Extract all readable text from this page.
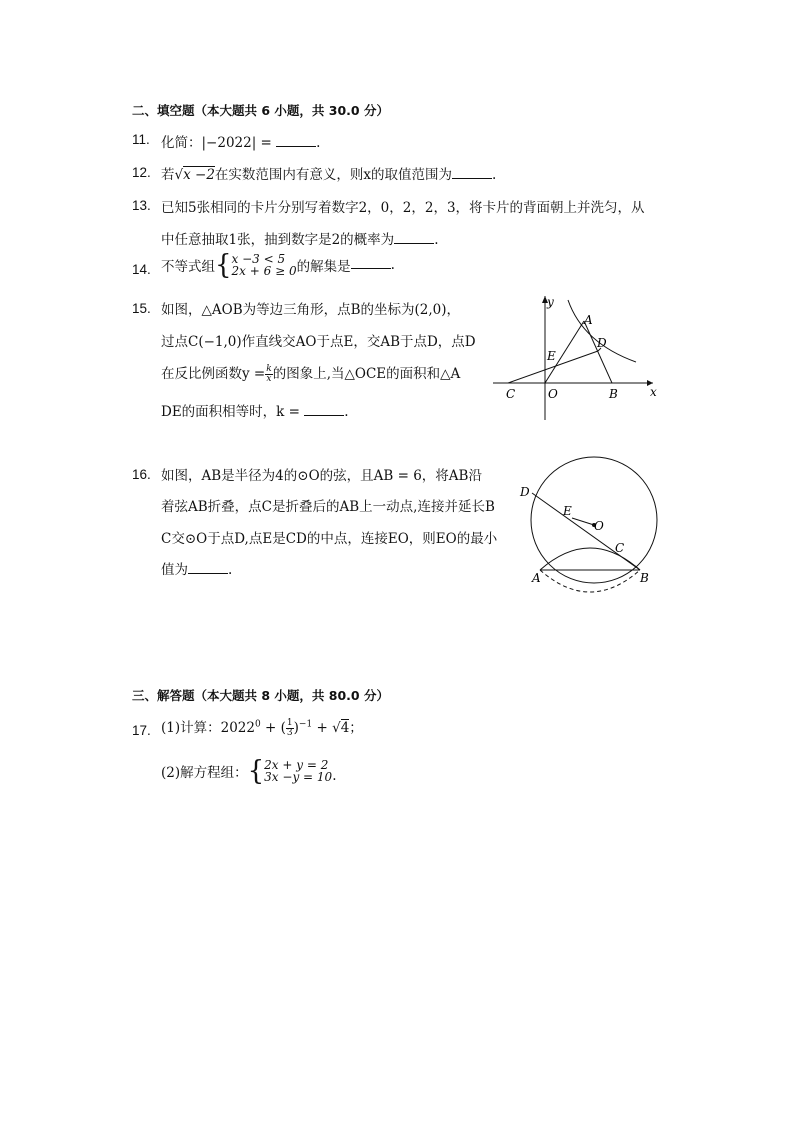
二、填空题（本大题共 6 小题，共 30.0 分）
11. 化简：|−2022| =	.
12. 若√x −2在实数范围内有意义，则x的取值范围为	.
13. 已知5张相同的卡片分别写着数字2，0，2，2，3，将卡片的背面朝上并洗匀，从
中任意抽取1张，抽到数字是2的概率为	.
14. 不等式组{ x −3 < 5
2x + 6 ≥ 0 的解集是	.
15. 如图，△AOB为等边三角形，点B的坐标为(2,0)，
过点C(−1,0)作直线交AO于点E，交AB于点D，点D
在反比例函数$y = \frac{k}{x}$ 的图象上,当△OCE的面积和△A
DE的面积相等时，k =	.
y
A
D
E
C	O	B	x
16. 如图，AB是半径为4的⊙O的弦，且AB = 6，将AB沿
着弦AB折叠，点C是折叠后的AB上一动点,连接并延长B
C交⊙O于点D,点E是CD的中点，连接EO，则EO的最小
值为	.
D
E
O
C
A	B
三、解答题（本大题共 8 小题，共 80.0 分）
17. (1)计算：$2022^0$ + ( $\frac{1}{3} )^{-1} + √4$；
(2)解方程组：{ 2x + y = 2
3x −y = 10 .
